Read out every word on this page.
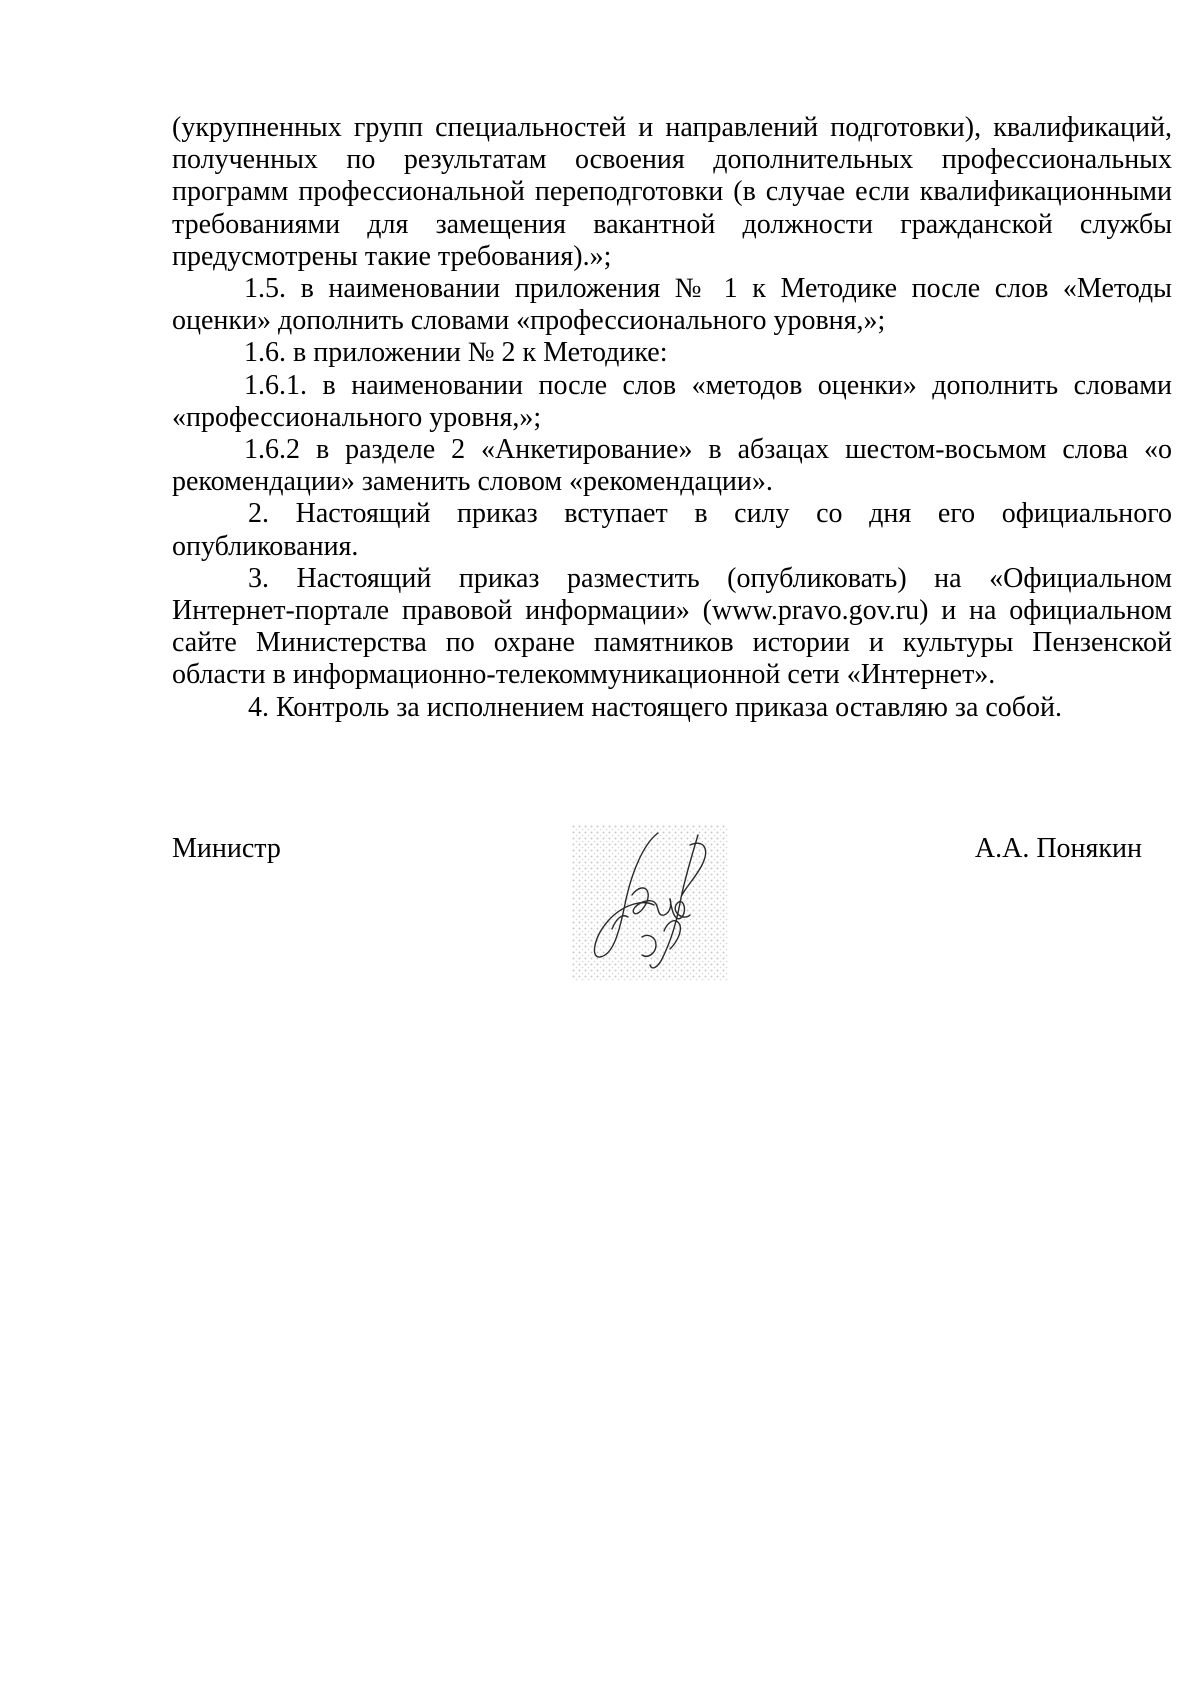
(укрупненных групп специальностей и направлений подготовки), квалификаций, полученных по результатам освоения дополнительных профессиональных программ профессиональной переподготовки (в случае если квалификационными требованиями для замещения вакантной должности гражданской службы предусмотрены такие требования).»;

1.5. в наименовании приложения № 1 к Методике после слов «Методы оценки» дополнить словами «профессионального уровня,»;

1.6. в приложении № 2 к Методике:

1.6.1. в наименовании после слов «методов оценки» дополнить словами «профессионального уровня,»;

1.6.2 в разделе 2 «Анкетирование» в абзацах шестом-восьмом слова «о рекомендации» заменить словом «рекомендации».

2. Настоящий приказ вступает в силу со дня его официального опубликования.

3. Настоящий приказ разместить (опубликовать) на «Официальном Интернет-портале правовой информации» (www.pravo.gov.ru) и на официальном сайте Министерства по охране памятников истории и культуры Пензенской области в информационно-телекоммуникационной сети «Интернет».

4. Контроль за исполнением настоящего приказа оставляю за собой.

Министр	А.А. Понякин
